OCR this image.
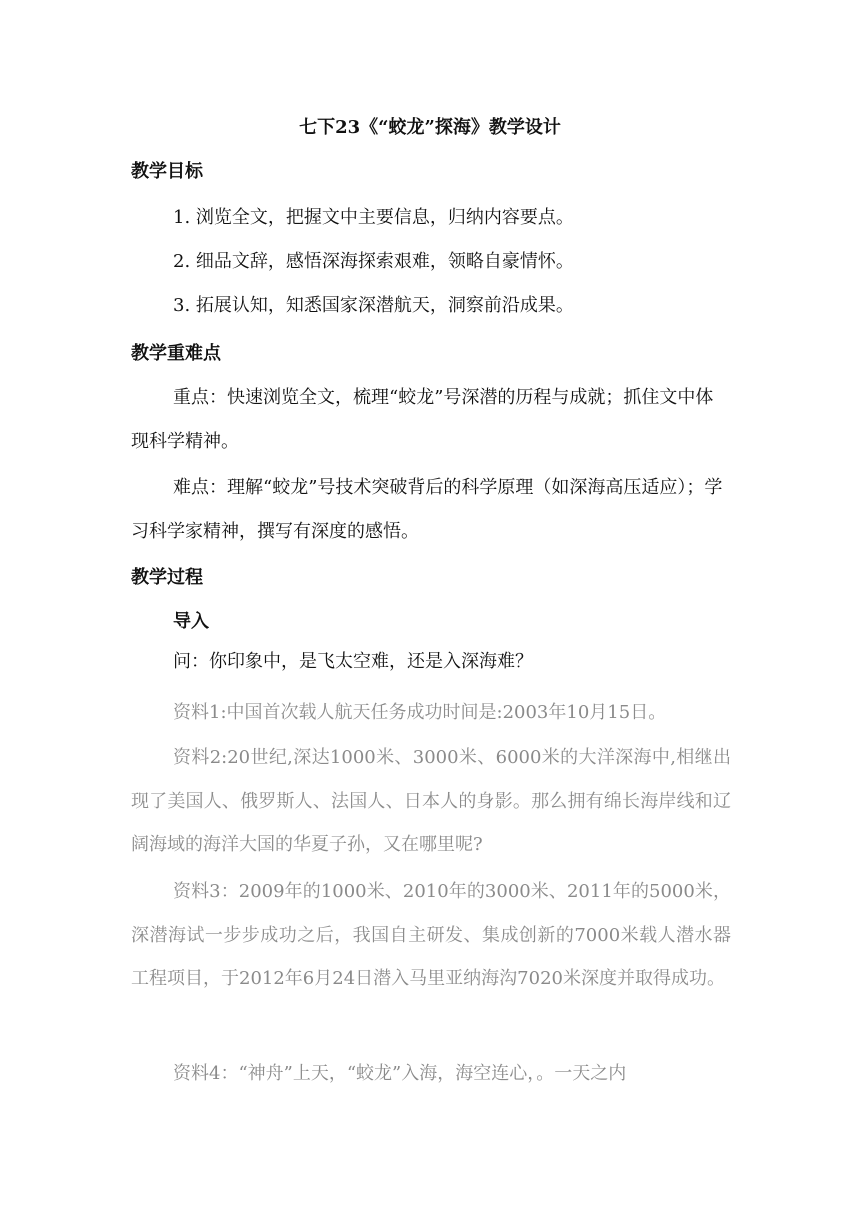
七下23《“蛟龙”探海》教学设计
教学目标

1. 浏览全文，把握文中主要信息，归纳内容要点。

2. 细品文辞，感悟深海探索艰难，领略自豪情怀。

3. 拓展认知，知悉国家深潜航天，洞察前沿成果。

教学重难点

重点：快速浏览全文，梳理“蛟龙”号深潜的历程与成就；抓住文中体现科学精神。

难点：理解“蛟龙”号技术突破背后的科学原理（如深海高压适应）；学习科学家精神，撰写有深度的感悟。

教学过程
导入

问：你印象中，是飞太空难，还是入深海难？

资料1:中国首次载人航天任务成功时间是:2003年10月15日。

资料2:20世纪,深达1000米、3000米、6000米的大洋深海中,相继出现了美国人、俄罗斯人、法国人、日本人的身影。那么拥有绵长海岸线和辽阔海域的海洋大国的华夏子孙，又在哪里呢?

资料3：2009年的1000米、2010年的3000米、2011年的5000米，深潜海试一步步成功之后，我国自主研发、集成创新的7000米载人潜水器工程项目，于2012年6月24日潜入马里亚纳海沟7020米深度并取得成功。

资料4：“神舟”上天，“蛟龙”入海，海空连心，。一天之内
